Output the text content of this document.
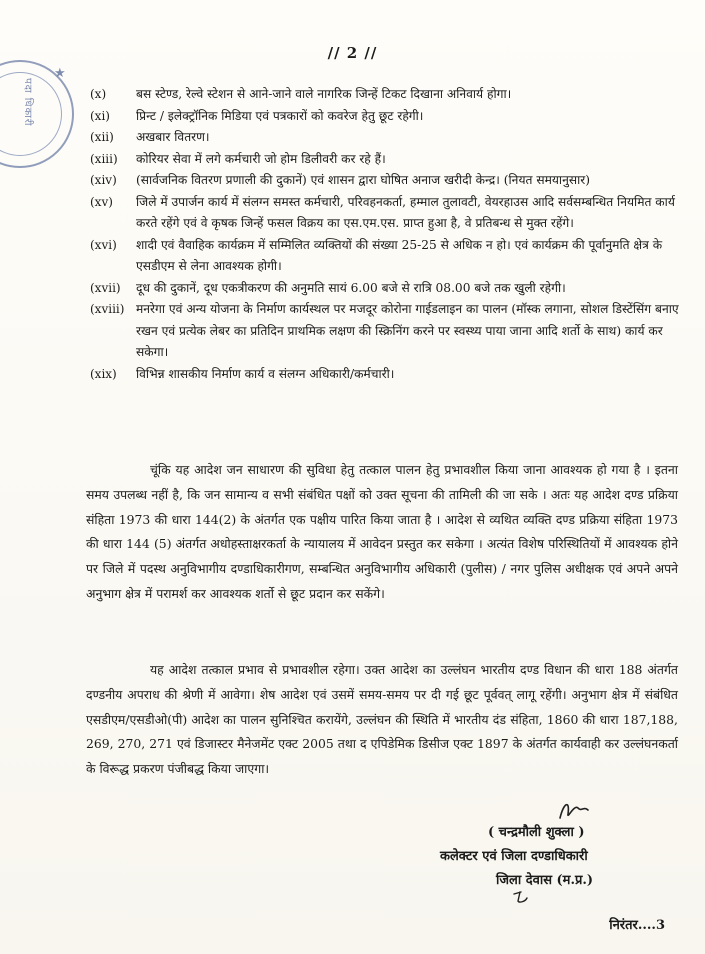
पदा धिकारी
★
// 2 //
(x)	बस स्टेण्ड, रेल्वे स्टेशन से आने-जाने वाले नागरिक जिन्हें टिकट दिखाना अनिवार्य होगा।
(xi)	प्रिन्ट / इलेक्ट्रॉनिक मिडिया एवं पत्रकारों को कवरेज हेतु छूट रहेगी।
(xii)	अखबार वितरण।
(xiii)	कोरियर सेवा में लगे कर्मचारी जो होम डिलीवरी कर रहे हैं।
(xiv)	(सार्वजनिक वितरण प्रणाली की दुकानें) एवं शासन द्वारा घोषित अनाज खरीदी केन्द्र। (नियत समयानुसार)
(xv)	जिले में उपार्जन कार्य में संलग्न समस्त कर्मचारी, परिवहनकर्ता, हम्माल तुलावटी, वेयरहाउस आदि सर्वसम्बन्धित नियमित कार्य करते रहेंगे एवं वे कृषक जिन्हें फसल विक्रय का एस.एम.एस. प्राप्त हुआ है, वे प्रतिबन्ध से मुक्त रहेंगे।
(xvi)	शादी एवं वैवाहिक कार्यक्रम में सम्मिलित व्यक्तियों की संख्या 25-25 से अधिक न हो। एवं कार्यक्रम की पूर्वानुमति क्षेत्र के एसडीएम से लेना आवश्यक होगी।
(xvii)	दूध की दुकानें, दूध एकत्रीकरण की अनुमति सायं 6.00 बजे से रात्रि 08.00 बजे तक खुली रहेगी।
(xviii) मनरेगा एवं अन्य योजना के निर्माण कार्यस्थल पर मजदूर कोरोना गाईडलाइन का पालन (मॉस्क लगाना, सोशल डिस्टेंसिंग बनाए रखन एवं प्रत्येक लेबर का प्रतिदिन प्राथमिक लक्षण की स्क्रिनिंग करने पर स्वस्थ्य पाया जाना आदि शर्तो के साथ) कार्य कर सकेगा।
(xix)	विभिन्न शासकीय निर्माण कार्य व संलग्न अधिकारी/कर्मचारी।
चूंकि यह आदेश जन साधारण की सुविधा हेतु तत्काल पालन हेतु प्रभावशील किया जाना आवश्यक हो गया है । इतना समय उपलब्ध नहीं है, कि जन सामान्य व सभी संबंधित पक्षों को उक्त सूचना की तामिली की जा सके । अतः यह आदेश दण्ड प्रक्रिया संहिता 1973 की धारा 144(2) के अंतर्गत एक पक्षीय पारित किया जाता है । आदेश से व्यथित व्यक्ति दण्ड प्रक्रिया संहिता 1973 की धारा 144 (5) अंतर्गत अधोहस्ताक्षरकर्ता के न्यायालय में आवेदन प्रस्तुत कर सकेगा । अत्यंत विशेष परिस्थितियों में आवश्यक होने पर जिले में पदस्थ अनुविभागीय दण्डाधिकारीगण, सम्बन्धित अनुविभागीय अधिकारी (पुलीस) / नगर पुलिस अधीक्षक एवं अपने अपने अनुभाग क्षेत्र में परामर्श कर आवश्यक शर्तो से छूट प्रदान कर सकेंगे।
यह आदेश तत्काल प्रभाव से प्रभावशील रहेगा। उक्त आदेश का उल्लंघन भारतीय दण्ड विधान की धारा 188 अंतर्गत दण्डनीय अपराध की श्रेणी में आवेगा। शेष आदेश एवं उसमें समय-समय पर दी गई छूट पूर्ववत् लागू रहेंगी। अनुभाग क्षेत्र में संबंधित एसडीएम/एसडीओ(पी) आदेश का पालन सुनिश्चित करायेंगे, उल्लंघन की स्थिति में भारतीय दंड संहिता, 1860 की धारा 187,188, 269, 270, 271 एवं डिजास्टर मैनेजमेंट एक्ट 2005 तथा द एपिडेमिक डिसीज एक्ट 1897 के अंतर्गत कार्यवाही कर उल्लंघनकर्ता के विरूद्ध प्रकरण पंजीबद्ध किया जाएगा।
( चन्द्रमौली शुक्ला )
कलेक्टर एवं जिला दण्डाधिकारी
जिला देवास (म.प्र.)
निरंतर....3
